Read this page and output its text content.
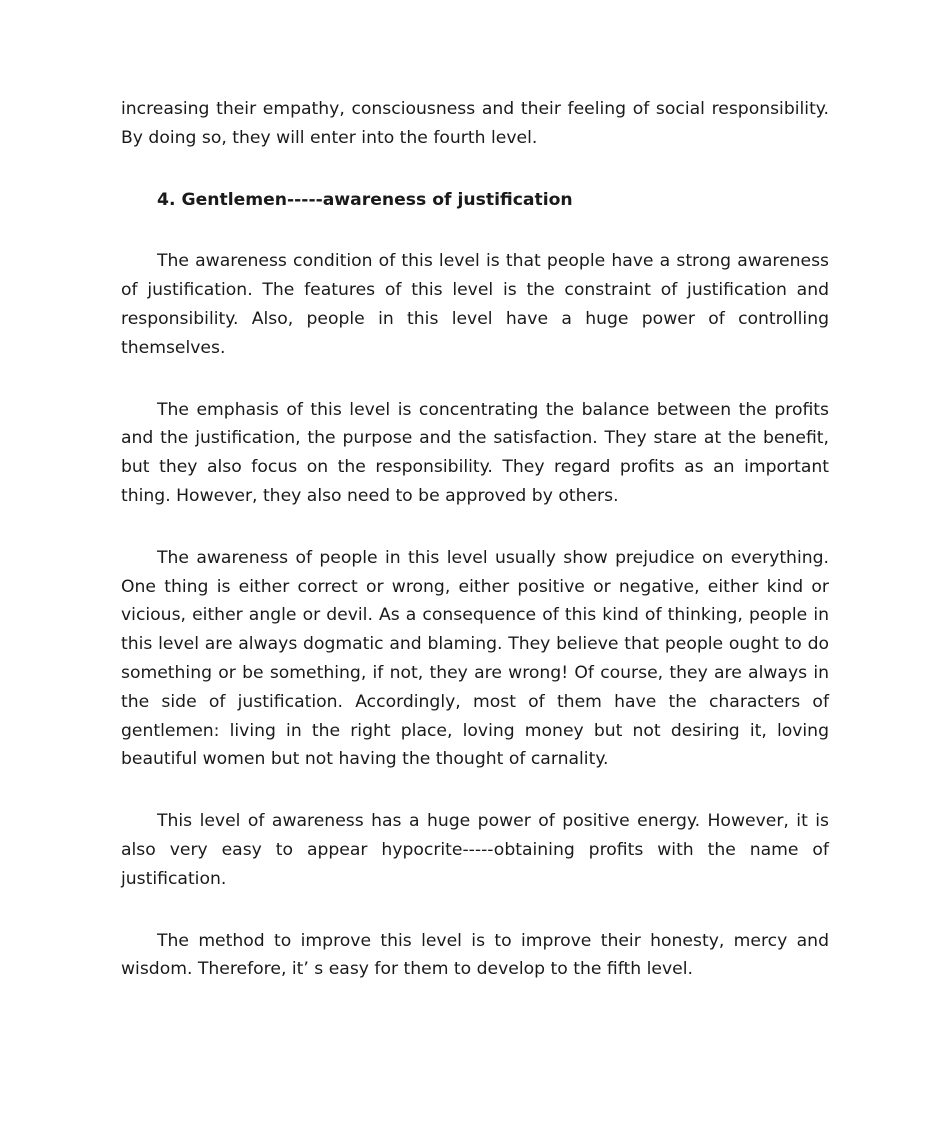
increasing their empathy, consciousness and their feeling of social responsibility. By doing so, they will enter into the fourth level.

4. Gentlemen-----awareness of justification

The awareness condition of this level is that people have a strong awareness of justification. The features of this level is the constraint of justification and responsibility. Also, people in this level have a huge power of controlling themselves.

The emphasis of this level is concentrating the balance between the profits and the justification, the purpose and the satisfaction. They stare at the benefit, but they also focus on the responsibility. They regard profits as an important thing. However, they also need to be approved by others.

The awareness of people in this level usually show prejudice on everything. One thing is either correct or wrong, either positive or negative, either kind or vicious, either angle or devil. As a consequence of this kind of thinking, people in this level are always dogmatic and blaming. They believe that people ought to do something or be something, if not, they are wrong! Of course, they are always in the side of justification. Accordingly, most of them have the characters of gentlemen: living in the right place, loving money but not desiring it, loving beautiful women but not having the thought of carnality.

This level of awareness has a huge power of positive energy. However, it is also very easy to appear hypocrite-----obtaining profits with the name of justification.

The method to improve this level is to improve their honesty, mercy and wisdom. Therefore, it’ s easy for them to develop to the fifth level.
